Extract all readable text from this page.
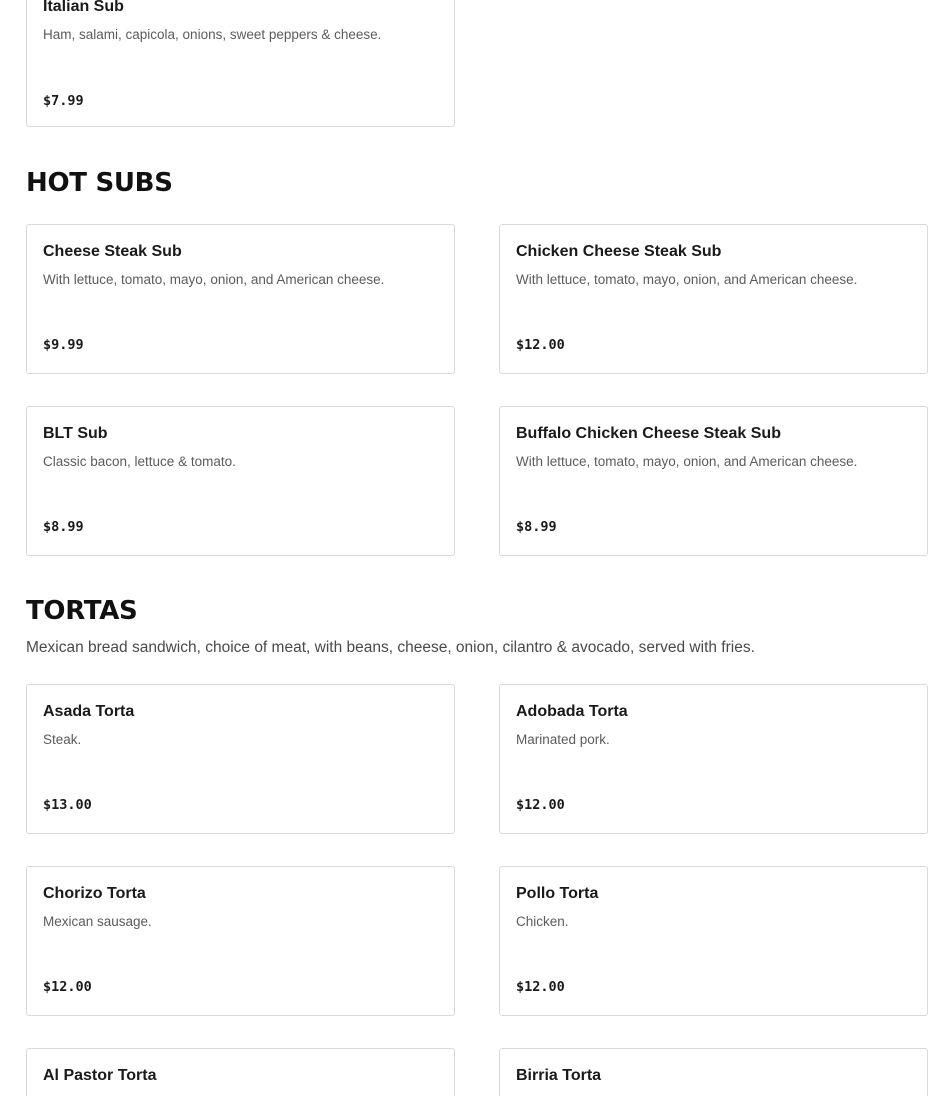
Italian Sub
Ham, salami, capicola, onions, sweet peppers & cheese.
$7.99
HOT SUBS
Cheese Steak Sub
With lettuce, tomato, mayo, onion, and American cheese.
$9.99
Chicken Cheese Steak Sub
With lettuce, tomato, mayo, onion, and American cheese.
$12.00
BLT Sub
Classic bacon, lettuce & tomato.
$8.99
Buffalo Chicken Cheese Steak Sub
With lettuce, tomato, mayo, onion, and American cheese.
$8.99
TORTAS
Mexican bread sandwich, choice of meat, with beans, cheese, onion, cilantro & avocado, served with fries.
Asada Torta
Steak.
$13.00
Adobada Torta
Marinated pork.
$12.00
Chorizo Torta
Mexican sausage.
$12.00
Pollo Torta
Chicken.
$12.00
Al Pastor Torta	Birria Torta
